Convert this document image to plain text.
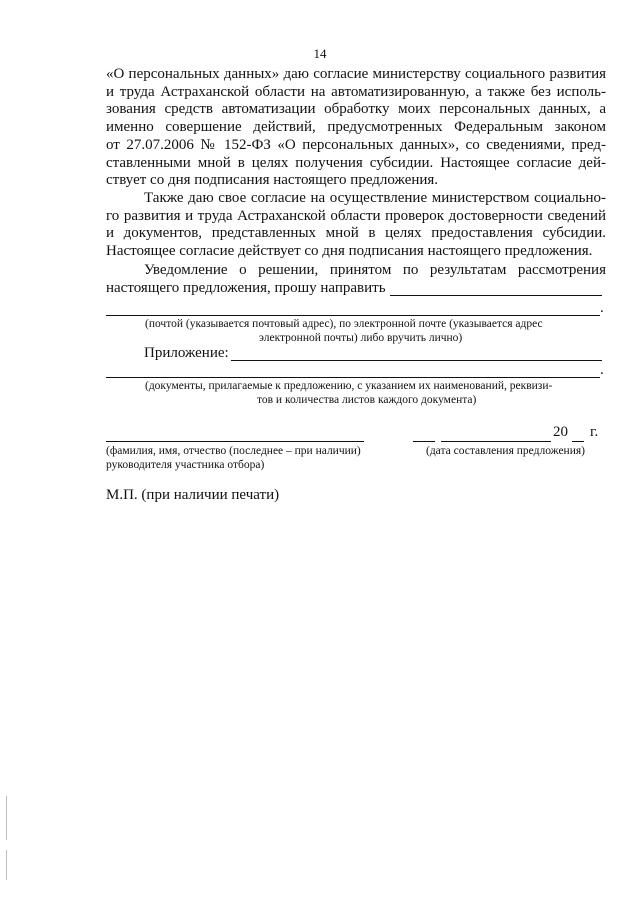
14

«О персональных данных» даю согласие министерству социального развития
и труда Астраханской области на автоматизированную, а также без исполь-
зования средств автоматизации обработку моих персональных данных, а
именно совершение действий, предусмотренных Федеральным законом
от 27.07.2006 № 152-ФЗ «О персональных данных», со сведениями, пред-
ставленными мной в целях получения субсидии. Настоящее согласие дей-
ствует со дня подписания настоящего предложения.

Также даю свое согласие на осуществление министерством социально-
го развития и труда Астраханской области проверок достоверности сведений
и документов, представленных мной в целях предоставления субсидии.
Настоящее согласие действует со дня подписания настоящего предложения.

Уведомление о решении, принятом по результатам рассмотрения
настоящего предложения, прошу направить

.
(почтой (указывается почтовый адрес), по электронной почте (указывается адрес
электронной почты) либо вручить лично)
Приложение:
.
(документы, прилагаемые к предложению, с указанием их наименований, реквизи-
тов и количества листов каждого документа)
20 г.
(фамилия, имя, отчество (последнее – при наличии)
руководителя участника отбора)
(дата составления предложения)
М.П. (при наличии печати)
